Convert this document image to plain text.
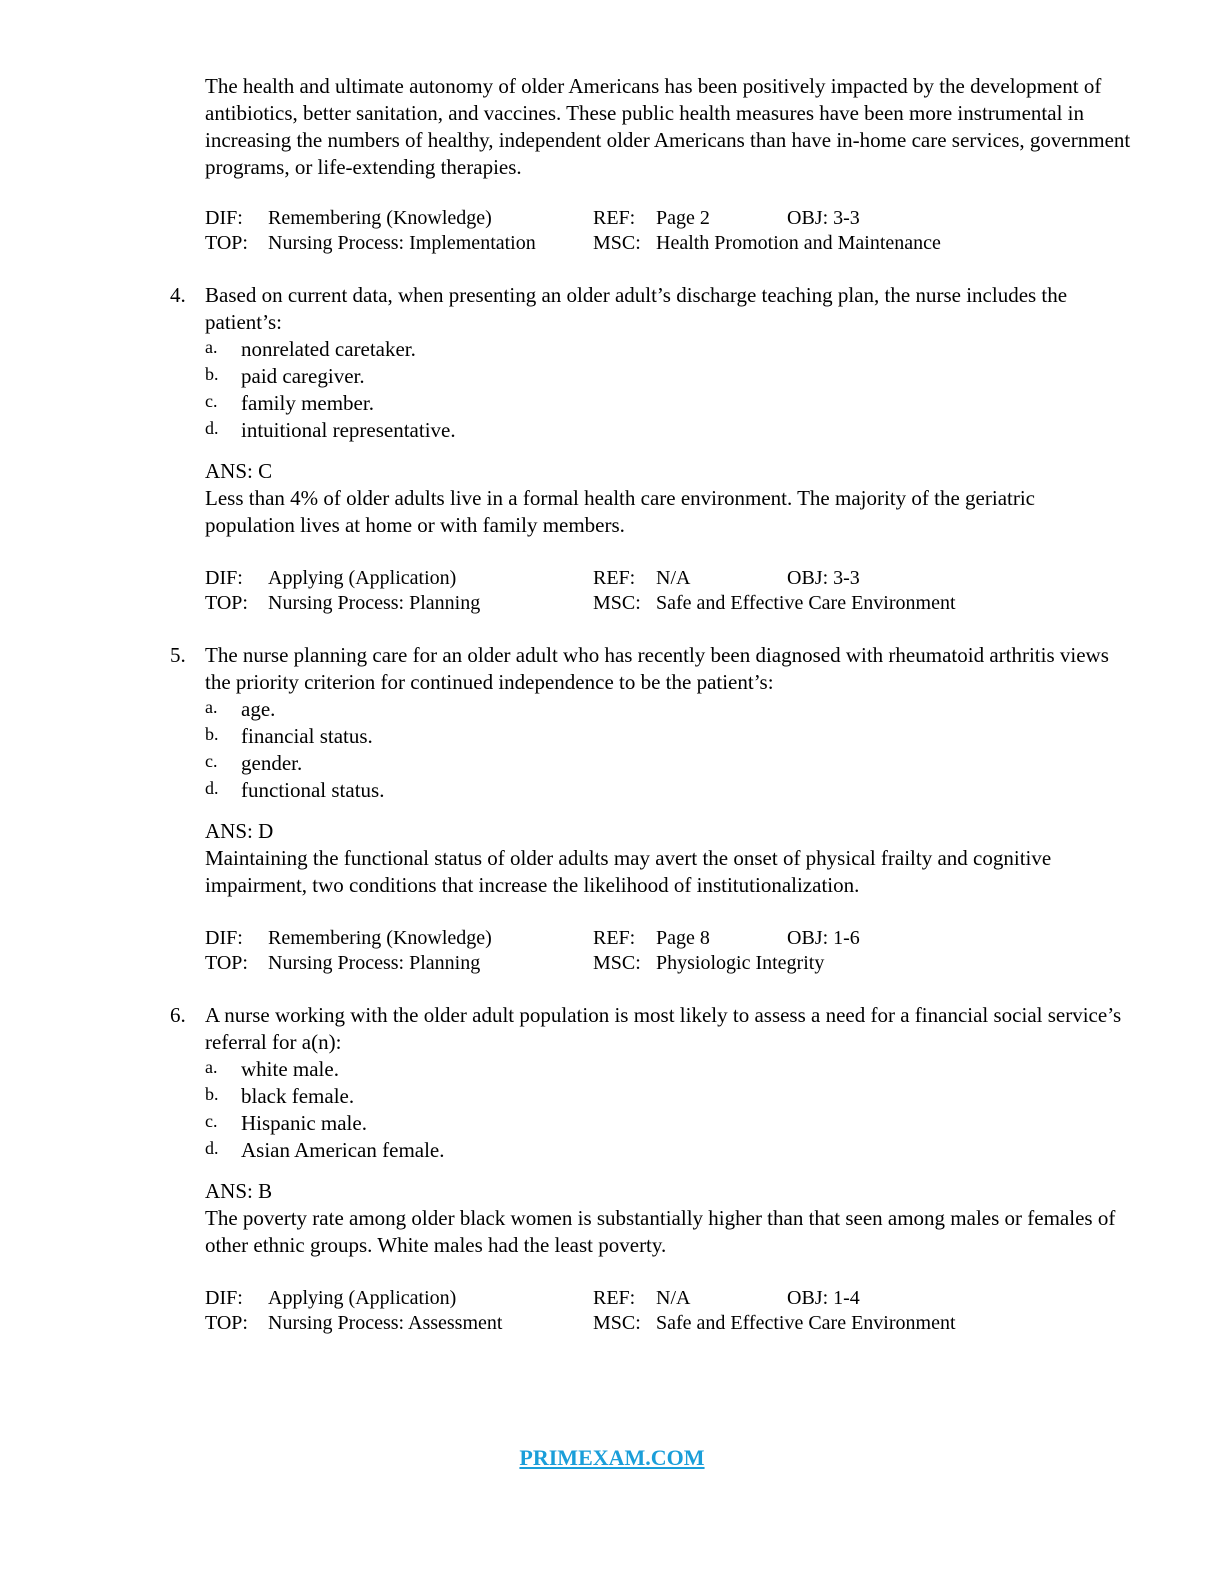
The health and ultimate autonomy of older Americans has been positively impacted by the development of antibiotics, better sanitation, and vaccines. These public health measures have been more instrumental in increasing the numbers of healthy, independent older Americans than have in-home care services, government programs, or life-extending therapies.
DIF: Remembering (Knowledge)	REF: Page 2	OBJ: 3-3
TOP: Nursing Process: Implementation	MSC: Health Promotion and Maintenance
4. Based on current data, when presenting an older adult’s discharge teaching plan, the nurse includes the patient’s:
a. nonrelated caretaker.
b. paid caregiver.
c. family member.
d. intuitional representative.
ANS: C
Less than 4% of older adults live in a formal health care environment. The majority of the geriatric population lives at home or with family members.
DIF: Applying (Application)	REF: N/A	OBJ: 3-3
TOP: Nursing Process: Planning	MSC: Safe and Effective Care Environment
5. The nurse planning care for an older adult who has recently been diagnosed with rheumatoid arthritis views the priority criterion for continued independence to be the patient’s:
a. age.
b. financial status.
c. gender.
d. functional status.
ANS: D
Maintaining the functional status of older adults may avert the onset of physical frailty and cognitive impairment, two conditions that increase the likelihood of institutionalization.
DIF: Remembering (Knowledge)	REF: Page 8	OBJ: 1-6
TOP: Nursing Process: Planning	MSC: Physiologic Integrity
6. A nurse working with the older adult population is most likely to assess a need for a financial social service’s referral for a(n):
a. white male.
b. black female.
c. Hispanic male.
d. Asian American female.
ANS: B
The poverty rate among older black women is substantially higher than that seen among males or females of other ethnic groups. White males had the least poverty.
DIF: Applying (Application)	REF: N/A	OBJ: 1-4
TOP: Nursing Process: Assessment	MSC: Safe and Effective Care Environment
PRIMEXAM.COM
